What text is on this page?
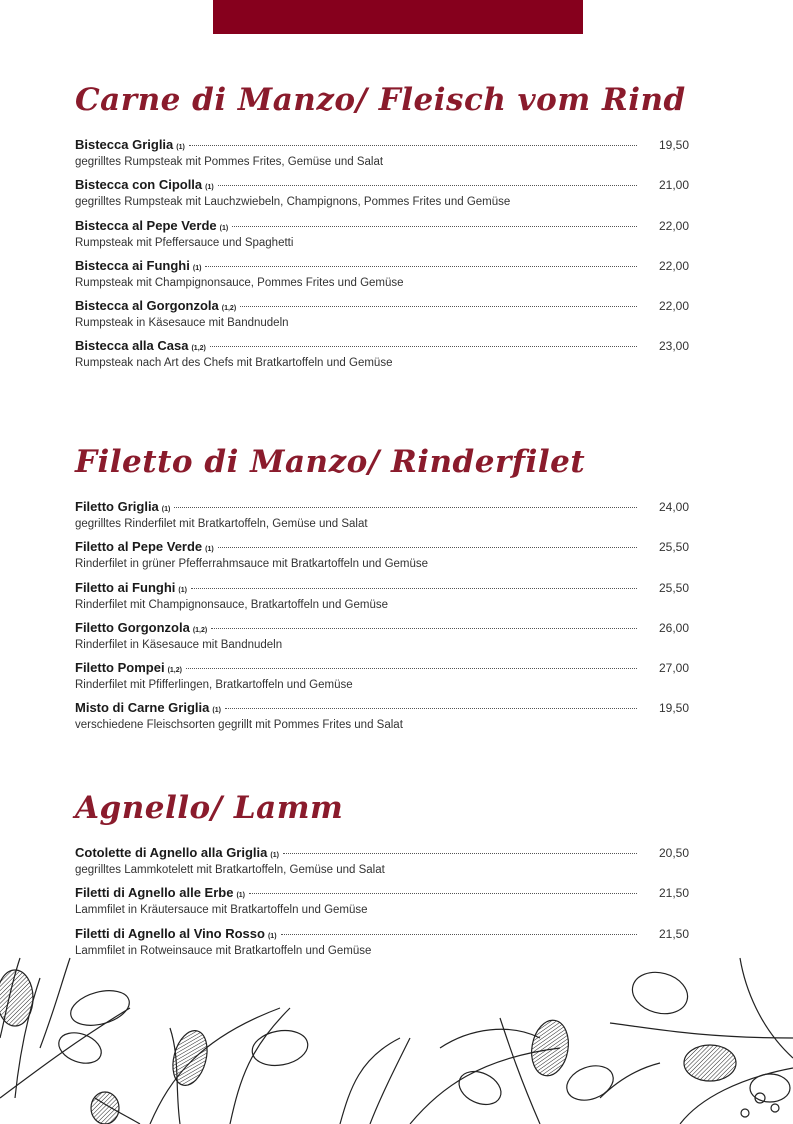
Carne di Manzo/ Fleisch vom Rind
Bistecca Griglia (1)	19,50
gegrilltes Rumpsteak mit Pommes Frites, Gemüse und Salat
Bistecca con Cipolla (1)	21,00
gegrilltes Rumpsteak mit Lauchzwiebeln, Champignons, Pommes Frites und Gemüse
Bistecca al Pepe Verde (1)	22,00
Rumpsteak mit Pfeffersauce und Spaghetti
Bistecca ai Funghi (1)	22,00
Rumpsteak mit Champignonsauce, Pommes Frites und Gemüse
Bistecca al Gorgonzola (1,2)	22,00
Rumpsteak in Käsesauce mit Bandnudeln
Bistecca alla Casa (1,2)	23,00
Rumpsteak nach Art des Chefs mit Bratkartoffeln und Gemüse
Filetto di Manzo/ Rinderfilet
Filetto Griglia (1)	24,00
gegrilltes Rinderfilet mit Bratkartoffeln, Gemüse und Salat
Filetto al Pepe Verde (1)	25,50
Rinderfilet in grüner Pfefferrahmsauce mit Bratkartoffeln und Gemüse
Filetto ai Funghi (1)	25,50
Rinderfilet mit Champignonsauce, Bratkartoffeln und Gemüse
Filetto Gorgonzola (1,2)	26,00
Rinderfilet in Käsesauce mit Bandnudeln
Filetto Pompei (1,2)	27,00
Rinderfilet mit Pfifferlingen, Bratkartoffeln und Gemüse
Misto di Carne Griglia (1)	19,50
verschiedene Fleischsorten gegrillt mit Pommes Frites und Salat
Agnello/ Lamm
Cotolette di Agnello alla Griglia (1)	20,50
gegrilltes Lammkotelett mit Bratkartoffeln, Gemüse und Salat
Filetti di Agnello alle Erbe (1)	21,50
Lammfilet in Kräutersauce mit Bratkartoffeln und Gemüse
Filetti di Agnello al Vino Rosso (1)	21,50
Lammfilet in Rotweinsauce mit Bratkartoffeln und Gemüse
